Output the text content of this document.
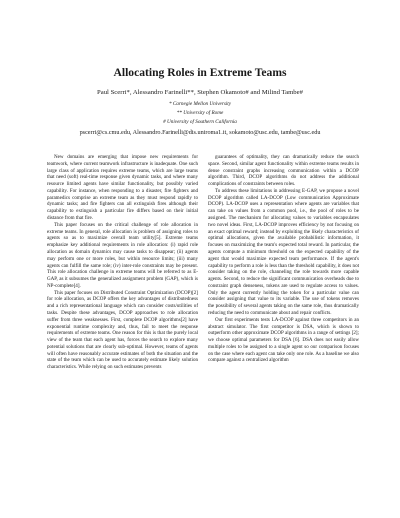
Allocating Roles in Extreme Teams
Paul Scerri*, Alessandro Farinelli**, Stephen Okamoto# and Milind Tambe#
* Carnegie Mellon University
** University of Rome
# University of Southern California
pscerri@cs.cmu.edu, Alessandro.Farinelli@dis.uniroma1.it, sokamoto@usc.edu, tambe@usc.edu

New domains are emerging that impose new requirements for teamwork, where current teamwork infrastructure is inadequate. One such large class of application requires extreme teams, which are large teams that need (soft) real-time response given dynamic tasks, and where many resource limited agents have similar functionality, but possibly varied capability. For instance, when responding to a disaster, fire fighters and paramedics comprise an extreme team as they must respond rapidly to dynamic tasks; and fire fighters can all extinguish fires although their capability to extinguish a particular fire differs based on their initial distance from that fire.

This paper focuses on the critical challenge of role allocation in extreme teams. In general, role allocation is problem of assigning roles to agents so as to maximize overall team utility[5]. Extreme teams emphasize key additional requirements in role allocation: (i) rapid role allocation as domain dynamics may cause tasks to disappear; (ii) agents may perform one or more roles, but within resource limits; (iii) many agents can fulfill the same role; (iv) inter-role constraints may be present. This role allocation challenge in extreme teams will be referred to as E-GAP, as it subsumes the generalized assignment problem (GAP), which is NP-complete[4].

This paper focuses on Distributed Constraint Optimization (DCOP)[2] for role allocation, as DCOP offers the key advantages of distributedness and a rich representational language which can consider costs/utilities of tasks. Despite these advantages, DCOP approaches to role allocation suffer from three weaknesses. First, complete DCOP algorithms[2] have exponential runtime complexity and, thus, fail to meet the response requirements of extreme teams. One reason for this is that the purely local view of the team that each agent has, forces the search to explore many potential solutions that are clearly sub-optimal. However, teams of agents will often have reasonably accurate estimates of both the situation and the state of the team which can be used to accurately estimate likely solution characteristics. While relying on such estimates prevents

guarantees of optimality, they can dramatically reduce the search space. Second, similar agent functionality within extreme teams results in dense constraint graphs increasing communication within a DCOP algorithm. Third, DCOP algorithms do not address the additional complications of constraints between roles.

To address these limitations in addressing E-GAP, we propose a novel DCOP algorithm called LA-DCOP (Low communication Approximate DCOP). LA-DCOP uses a representation where agents are variables that can take on values from a common pool, i.e., the pool of roles to be assigned. The mechanism for allocating values to variables encapsulates two novel ideas. First, LA-DCOP improves efficiency by not focusing on an exact optimal reward; instead by exploiting the likely characteristics of optimal allocations, given the available probabilistic information, it focuses on maximizing the team's expected total reward. In particular, the agents compute a minimum threshold on the expected capability of the agent that would maximize expected team performance. If the agent's capability to perform a role is less than the threshold capability, it does not consider taking on the role, channeling the role towards more capable agents. Second, to reduce the significant communication overheads due to constraint graph denseness, tokens are used to regulate access to values. Only the agent currently holding the token for a particular value can consider assigning that value to its variable. The use of tokens removes the possibility of several agents taking on the same role, thus dramatically reducing the need to communicate about and repair conflicts.

Our first experiments tests LA-DCOP against three competitors in an abstract simulator. The first competitor is DSA, which is shown to outperform other approximate DCOP algorithms in a range of settings [2]; we choose optimal parameters for DSA [6]. DSA does not easily allow multiple roles to be assigned to a single agent so our comparison focuses on the case where each agent can take only one role. As a baseline we also compare against a centralized algorithm
